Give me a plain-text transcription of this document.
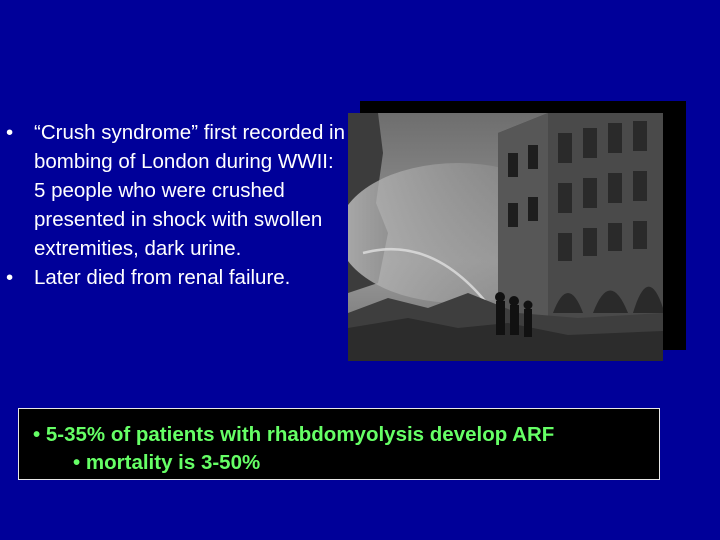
• “Crush syndrome” first recorded in bombing of London during WWII: 5 people who were crushed presented in shock with swollen extremities, dark urine.
• Later died from renal failure.
• 5-35% of patients with rhabdomyolysis develop ARF
• mortality is 3-50%
